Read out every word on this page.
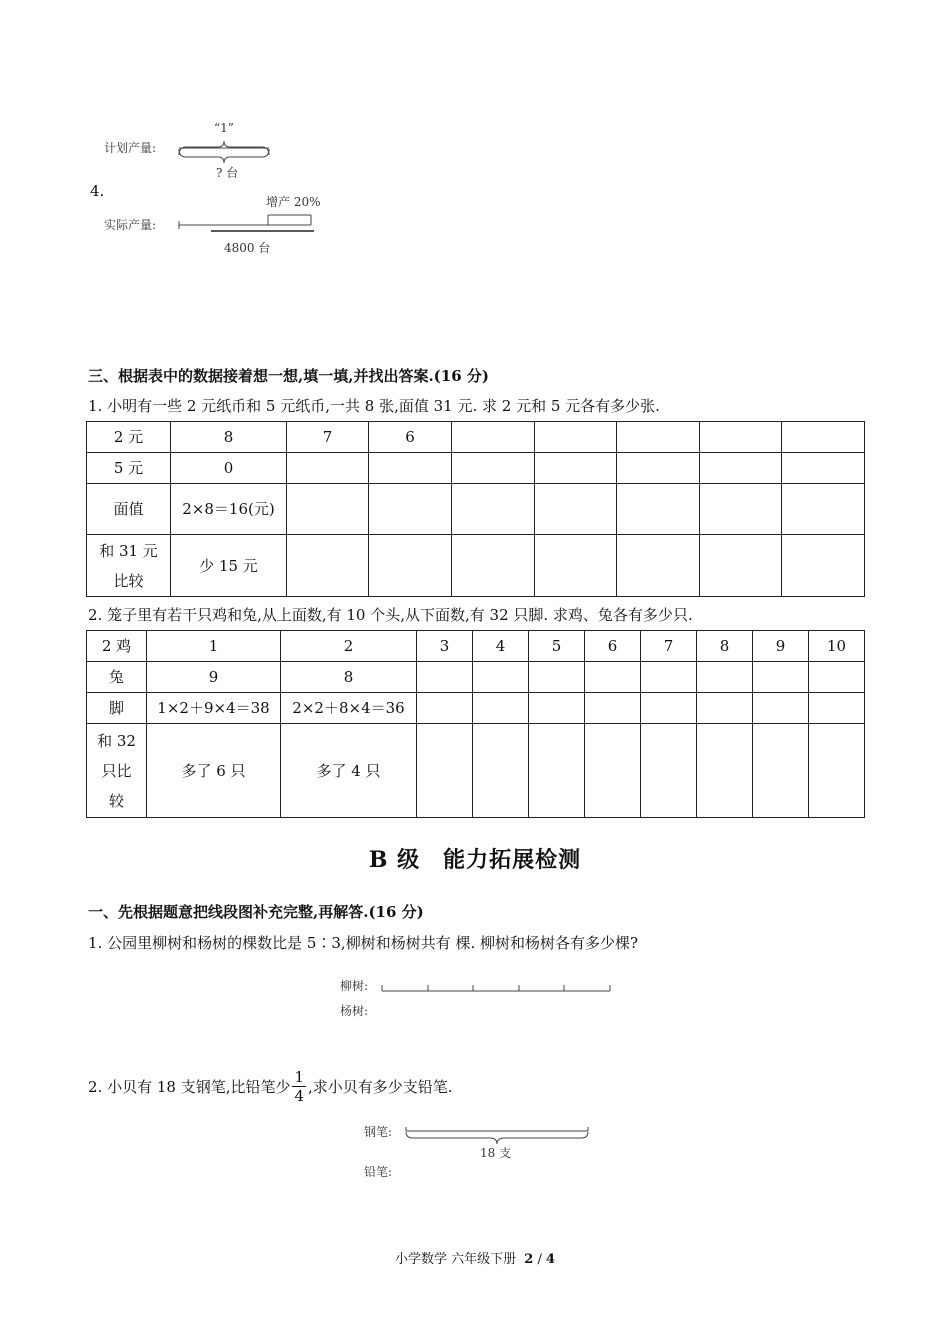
4.
计划产量:
“1”
? 台
实际产量:
增产 20%
4800 台
三、根据表中的数据接着想一想,填一填,并找出答案.(16 分)
1. 小明有一些 2 元纸币和 5 元纸币,一共 8 张,面值 31 元. 求 2 元和 5 元各有多少张.
2 元	8	7	6					
5 元	0							
面值	2×8＝16(元)							
和 31 元比较	少 15 元							
2. 笼子里有若干只鸡和兔,从上面数,有 10 个头,从下面数,有 32 只脚. 求鸡、兔各有多少只.
2 鸡	1	2	3	4	5	6	7	8	9	10
兔	9	8								
脚	1×2＋9×4＝38	2×2＋8×4＝36								
和 32 只比较	多了 6 只	多了 4 只								
B 级　能力拓展检测
一、先根据题意把线段图补充完整,再解答.(16 分)
1. 公园里柳树和杨树的棵数比是 5∶3,柳树和杨树共有 棵. 柳树和杨树各有多少棵?
柳树:
杨树:
2. 小贝有 18 支钢笔,比铅笔少 $\frac{1}{4}$ ,求小贝有多少支铅笔.
钢笔:
18 支
铅笔:
小学数学 六年级下册 2 / 4
